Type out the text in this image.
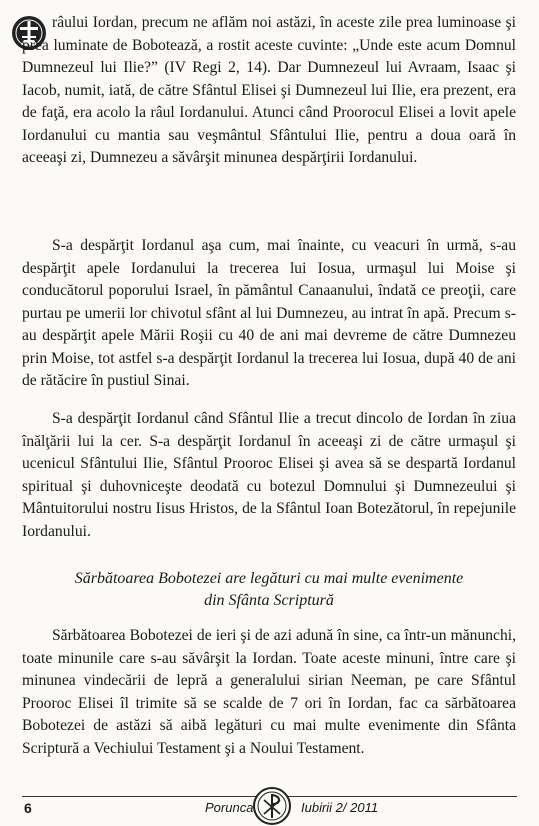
râului Iordan, precum ne aflăm noi astăzi, în aceste zile prea luminoase şi prea luminate de Bobotează, a rostit aceste cuvinte: „Unde este acum Domnul Dumnezeul lui Ilie?” (IV Regi 2, 14). Dar Dumnezeul lui Avraam, Isaac şi Iacob, numit, iată, de către Sfântul Elisei şi Dumnezeul lui Ilie, era prezent, era de faţă, era acolo la râul Iordanului. Atunci când Proorocul Elisei a lovit apele Iordanului cu mantia sau veşmântul Sfântului Ilie, pentru a doua oară în aceeaşi zi, Dumnezeu a săvârşit minunea despărţirii Iordanului.

S-a despărţit Iordanul aşa cum, mai înainte, cu veacuri în urmă, s-au despărţit apele Iordanului la trecerea lui Iosua, urmaşul lui Moise şi conducătorul poporului Israel, în pământul Canaanului, îndată ce preoţii, care purtau pe umerii lor chivotul sfânt al lui Dumnezeu, au intrat în apă. Precum s-au despărţit apele Mării Roşii cu 40 de ani mai devreme de către Dumnezeu prin Moise, tot astfel s-a despărţit Iordanul la trecerea lui Iosua, după 40 de ani de rătăcire în pustiul Sinai.

S-a despărţit Iordanul când Sfântul Ilie a trecut dincolo de Iordan în ziua înălţării lui la cer. S-a despărţit Iordanul în aceeaşi zi de către urmaşul şi ucenicul Sfântului Ilie, Sfântul Prooroc Elisei şi avea să se despartă Iordanul spiritual şi duhovniceşte deodată cu botezul Domnului şi Dumnezeului şi Mântuitorului nostru Iisus Hristos, de la Sfântul Ioan Botezătorul, în repejunile Iordanului.

Sărbătoarea Bobotezei are legături cu mai multe evenimente
din Sfânta Scriptură

Sărbătoarea Bobotezei de ieri şi de azi adună în sine, ca într-un mănunchi, toate minunile care s-au săvârşit la Iordan. Toate aceste minuni, între care şi minunea vindecării de lepră a generalului sirian Neeman, pe care Sfântul Prooroc Elisei îl trimite să se scalde de 7 ori în Iordan, fac ca sărbătoarea Bobotezei de astăzi să aibă legături cu mai multe evenimente din Sfânta Scriptură a Vechiului Testament şi a Noului Testament.

6	Porunca	Iubirii 2/ 2011
